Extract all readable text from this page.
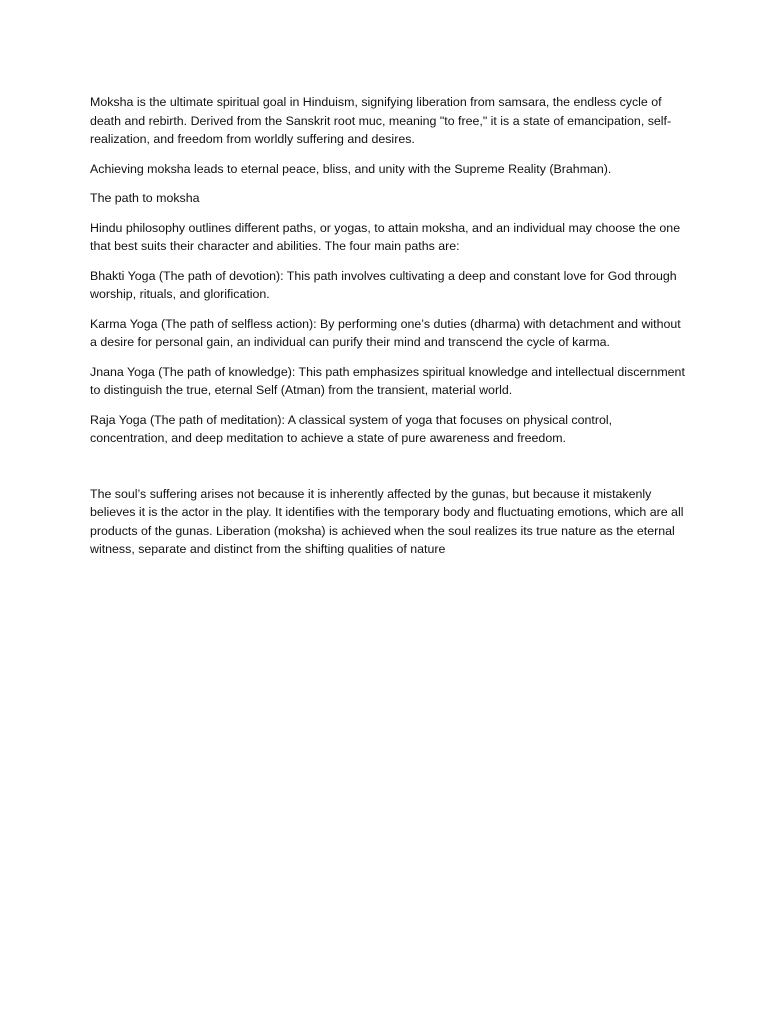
Moksha is the ultimate spiritual goal in Hinduism, signifying liberation from samsara, the endless cycle of death and rebirth. Derived from the Sanskrit root muc, meaning "to free," it is a state of emancipation, self-realization, and freedom from worldly suffering and desires.

Achieving moksha leads to eternal peace, bliss, and unity with the Supreme Reality (Brahman).

The path to moksha

Hindu philosophy outlines different paths, or yogas, to attain moksha, and an individual may choose the one that best suits their character and abilities. The four main paths are:

Bhakti Yoga (The path of devotion): This path involves cultivating a deep and constant love for God through worship, rituals, and glorification.

Karma Yoga (The path of selfless action): By performing one’s duties (dharma) with detachment and without a desire for personal gain, an individual can purify their mind and transcend the cycle of karma.

Jnana Yoga (The path of knowledge): This path emphasizes spiritual knowledge and intellectual discernment to distinguish the true, eternal Self (Atman) from the transient, material world.

Raja Yoga (The path of meditation): A classical system of yoga that focuses on physical control, concentration, and deep meditation to achieve a state of pure awareness and freedom.

The soul’s suffering arises not because it is inherently affected by the gunas, but because it mistakenly believes it is the actor in the play. It identifies with the temporary body and fluctuating emotions, which are all products of the gunas. Liberation (moksha) is achieved when the soul realizes its true nature as the eternal witness, separate and distinct from the shifting qualities of nature
